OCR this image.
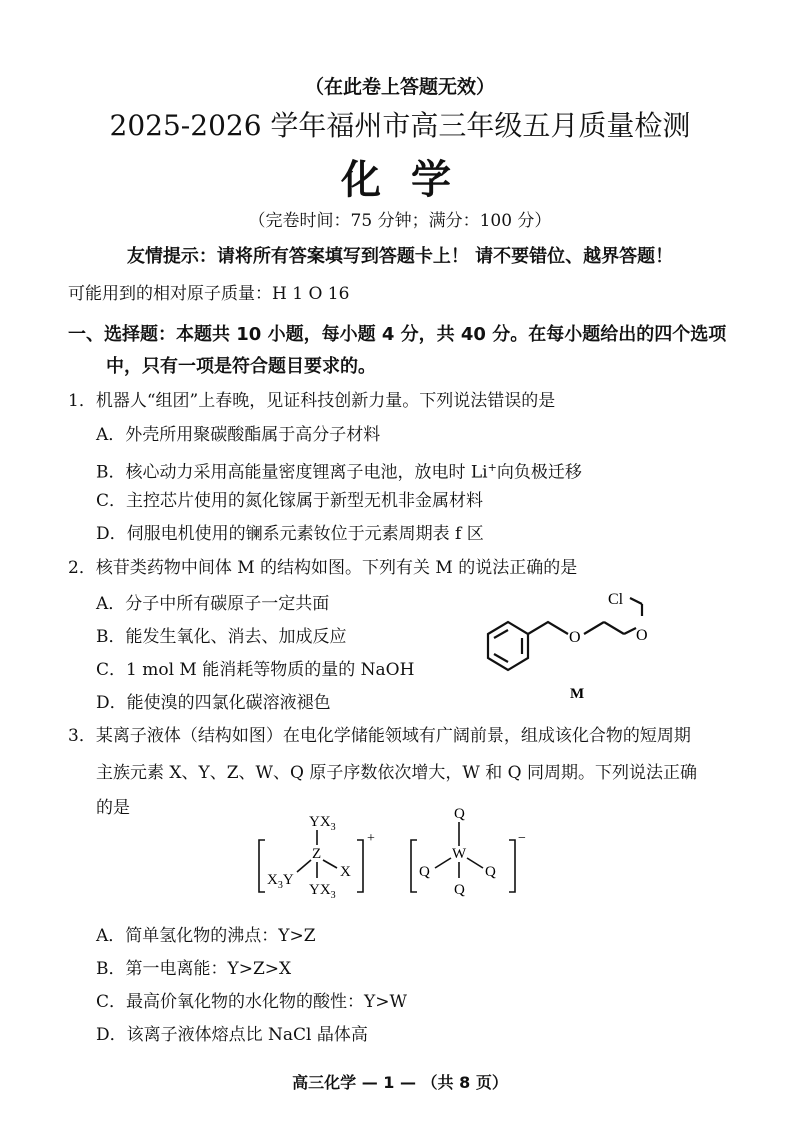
（在此卷上答题无效）
2025-2026 学年福州市高三年级五月质量检测
化 学
（完卷时间：75 分钟；满分：100 分）
友情提示：请将所有答案填写到答题卡上！ 请不要错位、越界答题！
可能用到的相对原子质量：H 1 O 16
一、选择题：本题共 10 小题，每小题 4 分，共 40 分。在每小题给出的四个选项
中，只有一项是符合题目要求的。
1．机器人“组团”上春晚，见证科技创新力量。下列说法错误的是
A．外壳所用聚碳酸酯属于高分子材料
B．核心动力采用高能量密度锂离子电池，放电时 Li+向负极迁移
C．主控芯片使用的氮化镓属于新型无机非金属材料
D．伺服电机使用的镧系元素钕位于元素周期表 f 区
2．核苷类药物中间体 M 的结构如图。下列有关 M 的说法正确的是
A．分子中所有碳原子一定共面
B．能发生氧化、消去、加成反应
C．1 mol M 能消耗等物质的量的 NaOH
D．能使溴的四氯化碳溶液褪色
O	O
Cl
M
3．某离子液体（结构如图）在电化学储能领域有广阔前景，组成该化合物的短周期
主族元素 X、Y、Z、W、Q 原子序数依次增大，W 和 Q 同周期。下列说法正确
的是
$YX_3$
Z
X
$X_3Y$
$YX_3$
+
Q
W
Q	Q
Q
−
A．简单氢化物的沸点：Y>Z
B．第一电离能：Y>Z>X
C．最高价氧化物的水化物的酸性：Y>W
D．该离子液体熔点比 NaCl 晶体高
高三化学 — 1 — （共 8 页）
